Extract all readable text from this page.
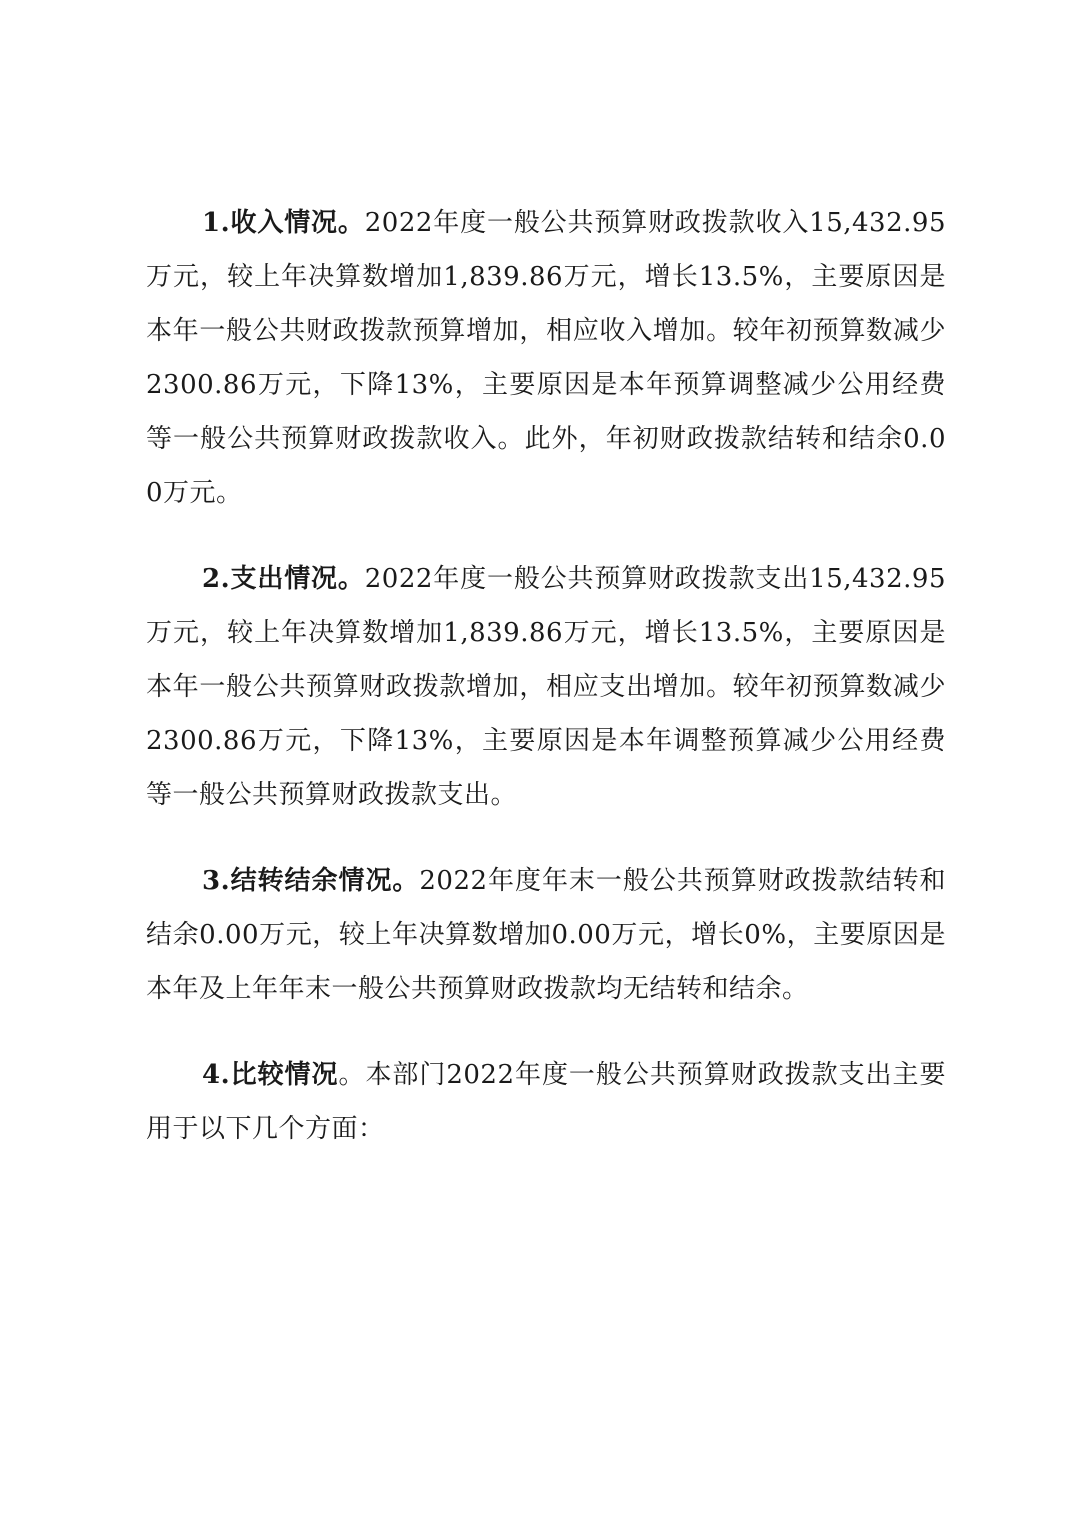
1.收入情况。2022年度一般公共预算财政拨款收入15,432.95万元，较上年决算数增加1,839.86万元，增长13.5%，主要原因是本年一般公共财政拨款预算增加，相应收入增加。较年初预算数减少2300.86万元，下降13%，主要原因是本年预算调整减少公用经费等一般公共预算财政拨款收入。此外，年初财政拨款结转和结余0.00万元。

2.支出情况。2022年度一般公共预算财政拨款支出15,432.95万元，较上年决算数增加1,839.86万元，增长13.5%，主要原因是本年一般公共预算财政拨款增加，相应支出增加。较年初预算数减少2300.86万元，下降13%，主要原因是本年调整预算减少公用经费等一般公共预算财政拨款支出。

3.结转结余情况。2022年度年末一般公共预算财政拨款结转和结余0.00万元，较上年决算数增加0.00万元，增长0%，主要原因是本年及上年年末一般公共预算财政拨款均无结转和结余。

4.比较情况。本部门2022年度一般公共预算财政拨款支出主要用于以下几个方面：
